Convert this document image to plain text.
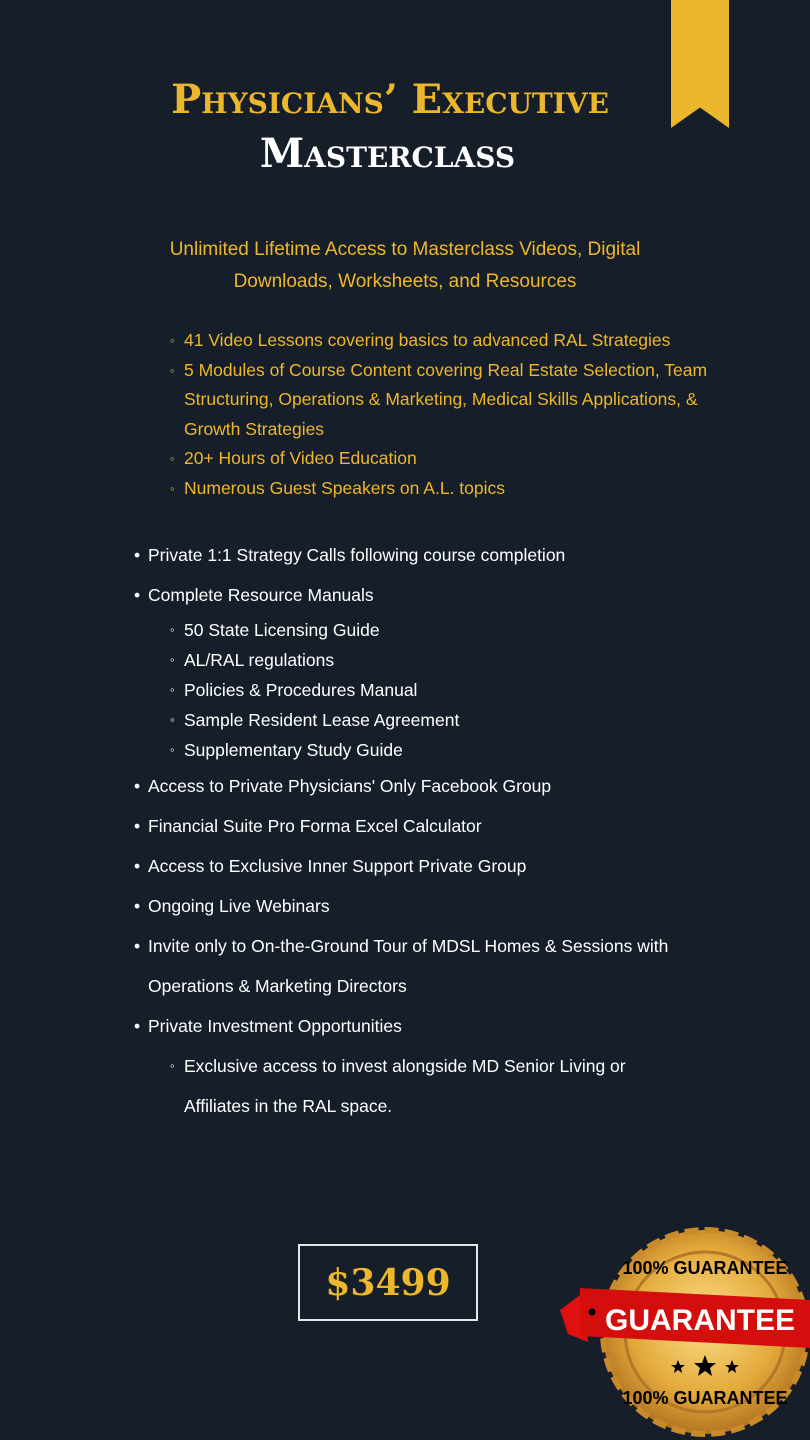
Physicians’ Executive
Masterclass
Unlimited Lifetime Access to Masterclass Videos, Digital Downloads, Worksheets, and Resources
◦ 41 Video Lessons covering basics to advanced RAL Strategies
◦ 5 Modules of Course Content covering Real Estate Selection, Team Structuring, Operations & Marketing, Medical Skills Applications, & Growth Strategies
◦ 20+ Hours of Video Education
◦ Numerous Guest Speakers on A.L. topics
• Private 1:1 Strategy Calls following course completion
• Complete Resource Manuals
◦ 50 State Licensing Guide
◦ AL/RAL regulations
◦ Policies & Procedures Manual
◦ Sample Resident Lease Agreement
◦ Supplementary Study Guide
• Access to Private Physicians' Only Facebook Group
• Financial Suite Pro Forma Excel Calculator
• Access to Exclusive Inner Support Private Group
• Ongoing Live Webinars
• Invite only to On-the-Ground Tour of MDSL Homes & Sessions with Operations & Marketing Directors
• Private Investment Opportunities
◦ Exclusive access to invest alongside MD Senior Living or Affiliates in the RAL space.
$3499	100% GUARANTEE
GUARANTEE
100% GUARANTEE
